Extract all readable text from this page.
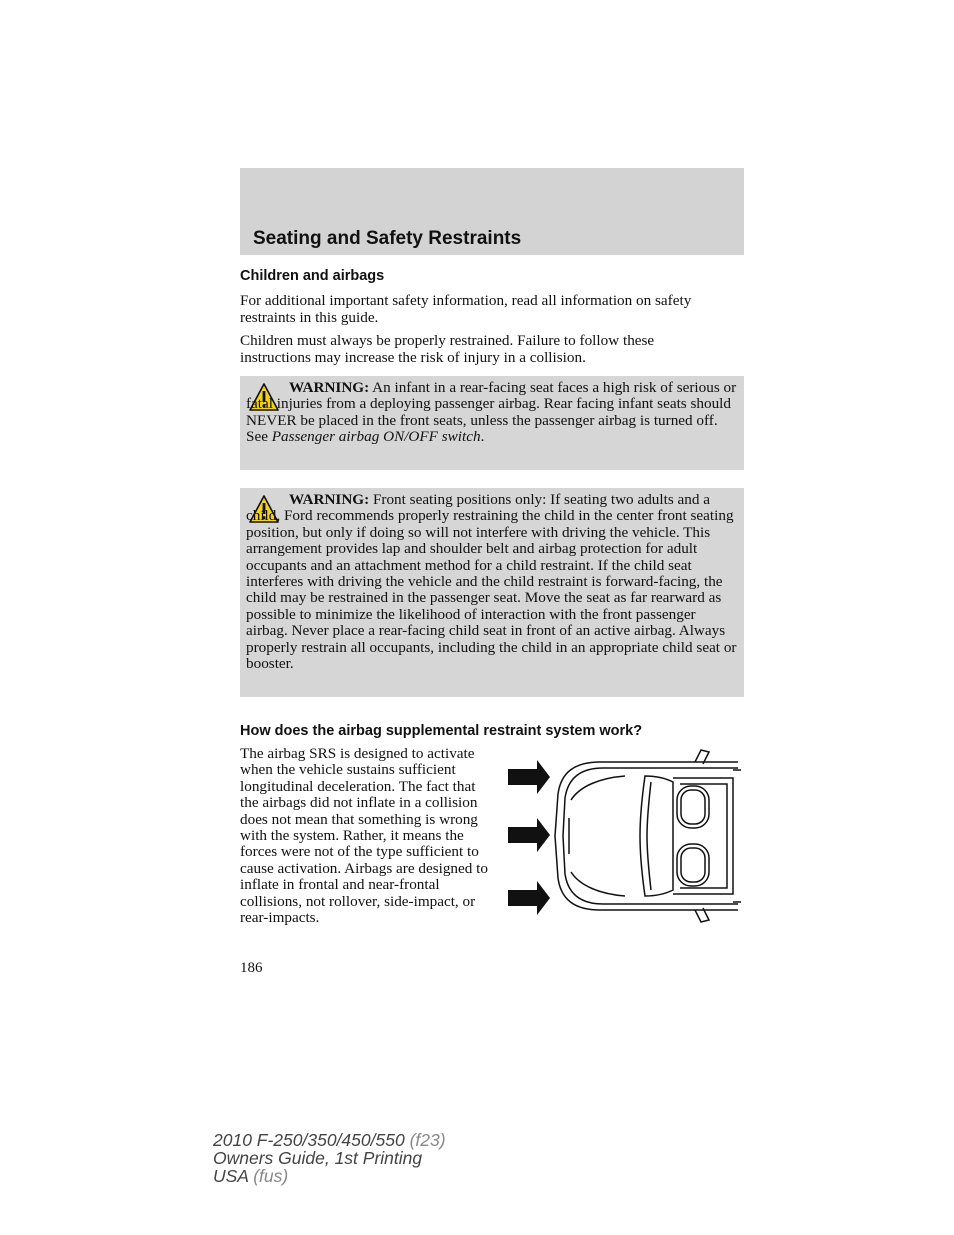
Seating and Safety Restraints
Children and airbags

For additional important safety information, read all information on safety restraints in this guide.

Children must always be properly restrained. Failure to follow these instructions may increase the risk of injury in a collision.

WARNING: An infant in a rear-facing seat faces a high risk of serious or fatal injuries from a deploying passenger airbag. Rear facing infant seats should NEVER be placed in the front seats, unless the passenger airbag is turned off. See Passenger airbag ON/OFF switch.

WARNING: Front seating positions only: If seating two adults and a child, Ford recommends properly restraining the child in the center front seating position, but only if doing so will not interfere with driving the vehicle. This arrangement provides lap and shoulder belt and airbag protection for adult occupants and an attachment method for a child restraint. If the child seat interferes with driving the vehicle and the child restraint is forward-facing, the child may be restrained in the passenger seat. Move the seat as far rearward as possible to minimize the likelihood of interaction with the front passenger airbag. Never place a rear-facing child seat in front of an active airbag. Always properly restrain all occupants, including the child in an appropriate child seat or booster.

How does the airbag supplemental restraint system work?

The airbag SRS is designed to activate when the vehicle sustains sufficient longitudinal deceleration. The fact that the airbags did not inflate in a collision does not mean that something is wrong with the system. Rather, it means the forces were not of the type sufficient to cause activation. Airbags are designed to inflate in frontal and near-frontal collisions, not rollover, side-impact, or rear-impacts.

186
2010 F-250/350/450/550 (f23)
Owners Guide, 1st Printing
USA (fus)
